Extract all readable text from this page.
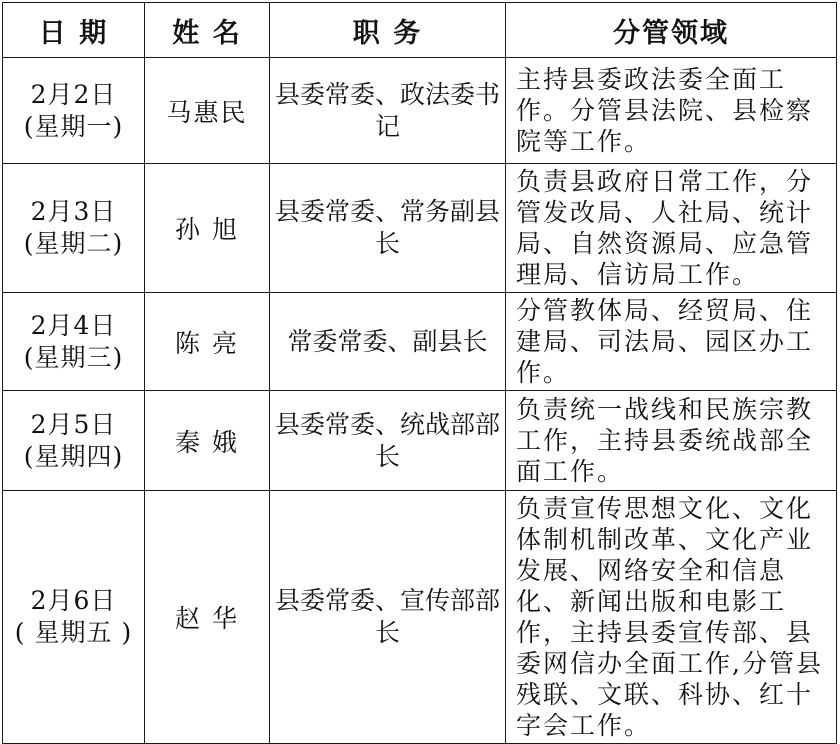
日 期	姓 名	职 务	分管领域

2月2日
(星期一)	马惠民	县委常委、政法委书记	主持县委政法委全面工作。分管县法院、县检察院等工作。

2月3日
(星期二)	孙 旭	县委常委、常务副县长	负责县政府日常工作，分管发改局、人社局、统计局、自然资源局、应急管理局、信访局工作。

2月4日
(星期三)	陈 亮	常委常委、副县长	分管教体局、经贸局、住建局、司法局、园区办工作。

2月5日
(星期四)	秦 娥	县委常委、统战部部长	负责统一战线和民族宗教工作，主持县委统战部全面工作。

2月6日
( 星期五 )	赵 华	县委常委、宣传部部长	负责宣传思想文化、文化体制机制改革、文化产业发展、网络安全和信息化、新闻出版和电影工作，主持县委宣传部、县委网信办全面工作,分管县残联、文联、科协、红十字会工作。
